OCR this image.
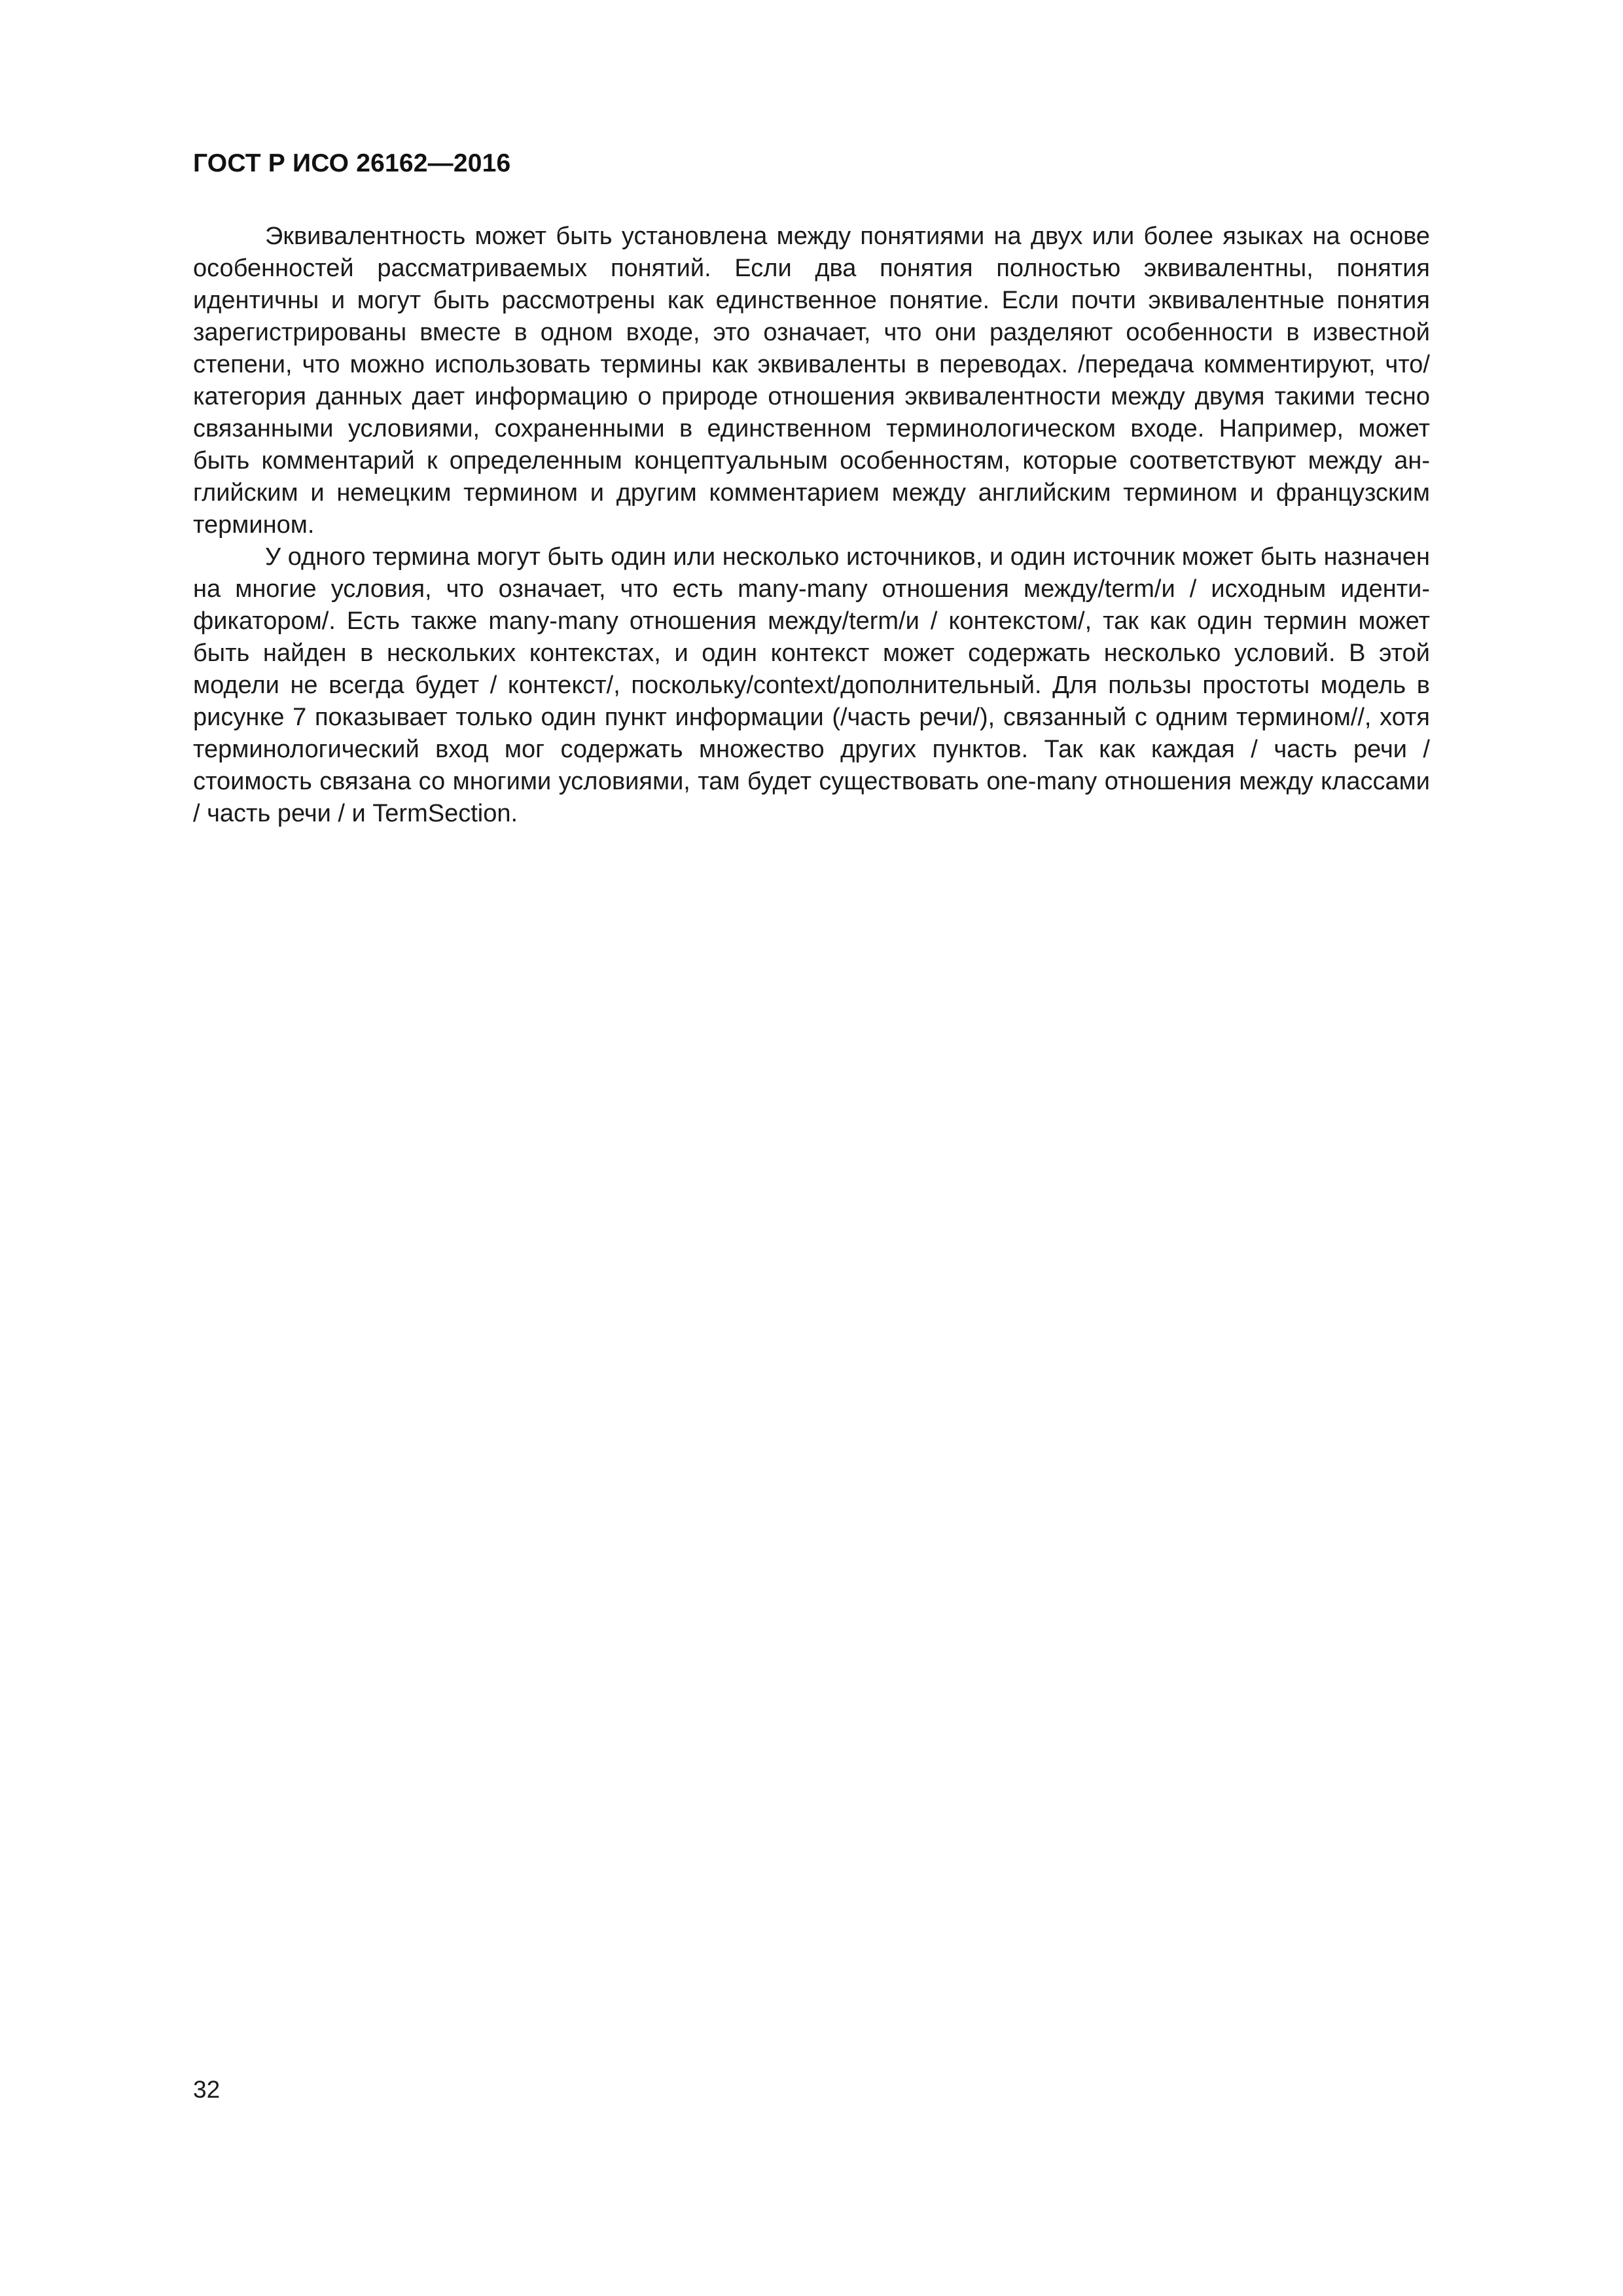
ГОСТ Р ИСО 26162—2016

Эквивалентность может быть установлена между понятиями на двух или более языках на основе особенностей рассматриваемых понятий. Если два понятия полностью эквивалентны, понятия идентичны и могут быть рассмотрены как единственное понятие. Если почти эквивалентные понятия зарегистрированы вместе в одном входе, это означает, что они разделяют особенности в известной степени, что можно использовать термины как эквиваленты в переводах. /передача комментируют, что/ категория данных дает информацию о природе отношения эквивалентности между двумя такими тесно связанными условиями, сохраненными в единственном терминологическом входе. Например, может быть комментарий к определенным концептуальным особенностям, которые соответствуют между английским и немецким термином и другим комментарием между английским термином и французским термином.

У одного термина могут быть один или несколько источников, и один источник может быть назначен на многие условия, что означает, что есть many-many отношения между/term/и / исходным идентификатором/. Есть также many-many отношения между/term/и / контекстом/, так как один термин может быть найден в нескольких контекстах, и один контекст может содержать несколько условий. В этой модели не всегда будет / контекст/, поскольку/context/дополнительный. Для пользы простоты модель в рисунке 7 показывает только один пункт информации (/часть речи/), связанный с одним термином//, хотя терминологический вход мог содержать множество других пунктов. Так как каждая / часть речи / стоимость связана со многими условиями, там будет существовать one-many отношения между классами / часть речи / и TermSection.

32
